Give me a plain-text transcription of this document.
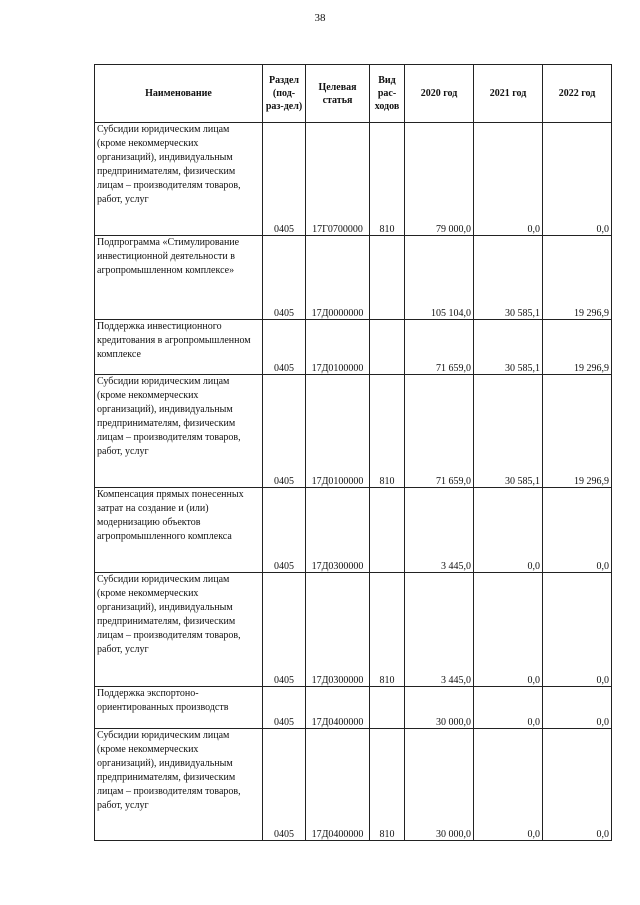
38
Наименование	Раздел (под-раз-дел)	Целевая статья	Вид рас-ходов	2020 год	2021 год	2022 год
Субсидии юридическим лицам (кроме некоммерческих организаций), индивидуальным предпринимателям, физическим лицам – производителям товаров, работ, услуг	0405	17Г0700000	810	79 000,0	0,0	0,0
Подпрограмма «Стимулирование инвестиционной деятельности в агропромышленном комплексе»	0405	17Д0000000		105 104,0	30 585,1	19 296,9
Поддержка инвестиционного кредитования в агропромышленном комплексе	0405	17Д0100000		71 659,0	30 585,1	19 296,9
Субсидии юридическим лицам (кроме некоммерческих организаций), индивидуальным предпринимателям, физическим лицам – производителям товаров, работ, услуг	0405	17Д0100000	810	71 659,0	30 585,1	19 296,9
Компенсация прямых понесенных затрат на создание и (или) модернизацию объектов агропромышленного комплекса	0405	17Д0300000		3 445,0	0,0	0,0
Субсидии юридическим лицам (кроме некоммерческих организаций), индивидуальным предпринимателям, физическим лицам – производителям товаров, работ, услуг	0405	17Д0300000	810	3 445,0	0,0	0,0
Поддержка экспортоно-ориентированных производств	0405	17Д0400000		30 000,0	0,0	0,0
Субсидии юридическим лицам (кроме некоммерческих организаций), индивидуальным предпринимателям, физическим лицам – производителям товаров, работ, услуг	0405	17Д0400000	810	30 000,0	0,0	0,0
